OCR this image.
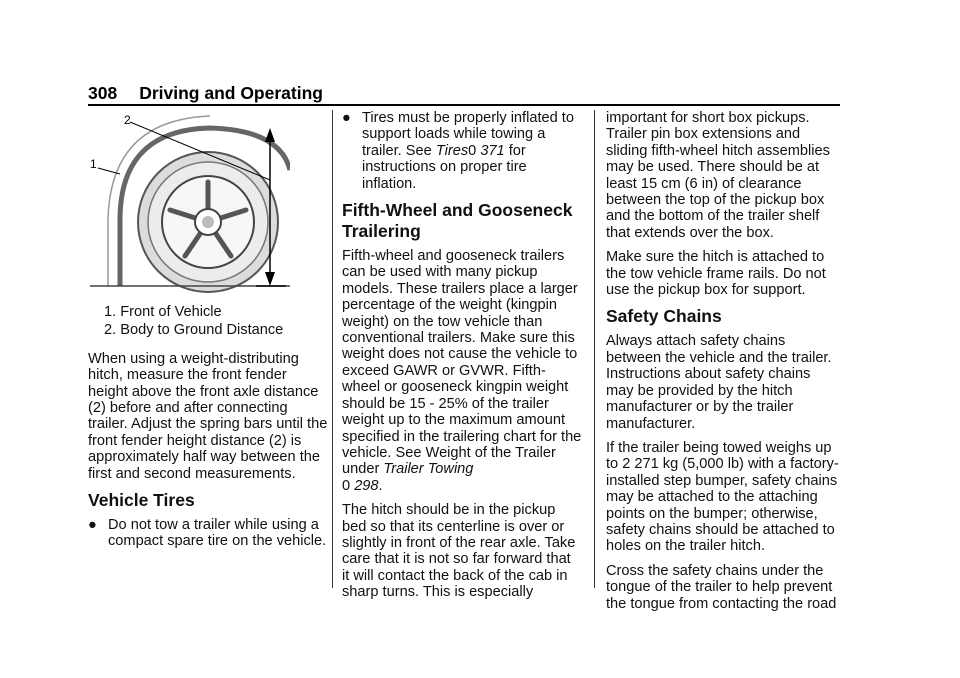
308 Driving and Operating
2
1
1. Front of Vehicle
2. Body to Ground Distance

When using a weight-distributing hitch, measure the front fender height above the front axle distance (2) before and after connecting trailer. Adjust the spring bars until the front fender height distance (2) is approximately half way between the first and second measurements.

Vehicle Tires
● Do not tow a trailer while using a compact spare tire on the vehicle.
● Tires must be properly inflated to support loads while towing a trailer. See Tires0 371 for instructions on proper tire inflation.
Fifth-Wheel and Gooseneck Trailering

Fifth-wheel and gooseneck trailers can be used with many pickup models. These trailers place a larger percentage of the weight (kingpin weight) on the tow vehicle than conventional trailers. Make sure this weight does not cause the vehicle to exceed GAWR or GVWR. Fifth-wheel or gooseneck kingpin weight should be 15 - 25% of the trailer weight up to the maximum amount specified in the trailering chart for the vehicle. See Weight of the Trailer under Trailer Towing
0 298.

The hitch should be in the pickup bed so that its centerline is over or slightly in front of the rear axle. Take care that it is not so far forward that it will contact the back of the cab in sharp turns. This is especially

important for short box pickups. Trailer pin box extensions and sliding fifth-wheel hitch assemblies may be used. There should be at least 15 cm (6 in) of clearance between the top of the pickup box and the bottom of the trailer shelf that extends over the box.

Make sure the hitch is attached to the tow vehicle frame rails. Do not use the pickup box for support.

Safety Chains

Always attach safety chains between the vehicle and the trailer. Instructions about safety chains may be provided by the hitch manufacturer or by the trailer manufacturer.

If the trailer being towed weighs up to 2 271 kg (5,000 lb) with a factory-installed step bumper, safety chains may be attached to the attaching points on the bumper; otherwise, safety chains should be attached to holes on the trailer hitch.

Cross the safety chains under the tongue of the trailer to help prevent the tongue from contacting the road
